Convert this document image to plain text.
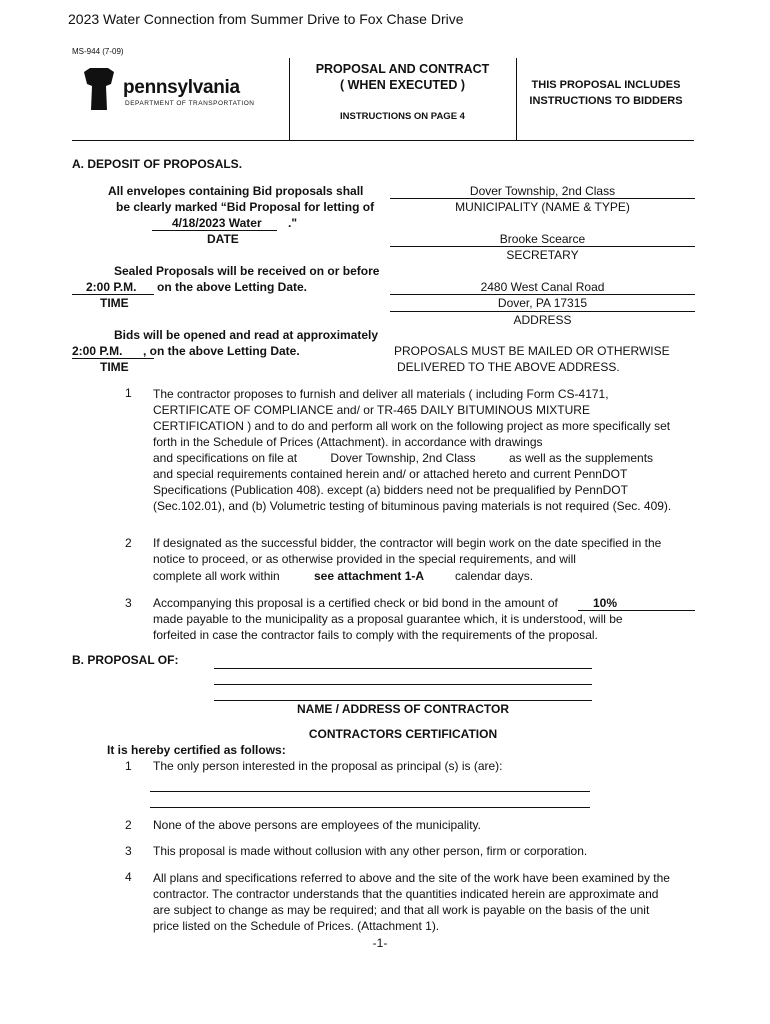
2023 Water Connection from Summer Drive to Fox Chase Drive
MS-944 (7-09)
pennsylvania
DEPARTMENT OF TRANSPORTATION
PROPOSAL AND CONTRACT
( WHEN EXECUTED )
INSTRUCTIONS ON PAGE 4
THIS PROPOSAL INCLUDES
INSTRUCTIONS TO BIDDERS
A. DEPOSIT OF PROPOSALS.
All envelopes containing Bid proposals shall
be clearly marked “Bid Proposal for letting of
4/18/2023 Water ."
DATE
Dover Township, 2nd Class
MUNICIPALITY (NAME & TYPE)
Brooke Scearce
SECRETARY
Sealed Proposals will be received on or before
2:00 P.M. on the above Letting Date.
TIME
2480 West Canal Road
Dover, PA 17315
ADDRESS
Bids will be opened and read at approximately
2:00 P.M. , on the above Letting Date.
TIME
PROPOSALS MUST BE MAILED OR OTHERWISE
DELIVERED TO THE ABOVE ADDRESS.
1 The contractor proposes to furnish and deliver all materials ( including Form CS-4171,

CERTIFICATE OF COMPLIANCE and/ or TR-465 DAILY BITUMINOUS MIXTURE

CERTIFICATION ) and to do and perform all work on the following project as more specifically set

forth in the Schedule of Prices (Attachment). in accordance with drawings

and specifications on file at          Dover Township, 2nd Class          as well as the supplements

and special requirements contained herein and/ or attached hereto and current PennDOT

Specifications (Publication 408). except (a) bidders need not be prequalified by PennDOT

(Sec.102.01), and (b) Volumetric testing of bituminous paving materials is not required (Sec. 409).

2 If designated as the successful bidder, the contractor will begin work on the date specified in the
notice to proceed, or as otherwise provided in the special requirements, and will
complete all work within	see attachment 1-A	calendar days.
3 Accompanying this proposal is a certified check or bid bond in the amount of	10%
made payable to the municipality as a proposal guarantee which, it is understood, will be
forfeited in case the contractor fails to comply with the requirements of the proposal.
B. PROPOSAL OF:
NAME / ADDRESS OF CONTRACTOR
CONTRACTORS CERTIFICATION
It is hereby certified as follows:
1 The only person interested in the proposal as principal (s) is (are):
2 None of the above persons are employees of the municipality.
3 This proposal is made without collusion with any other person, firm or corporation.
4 All plans and specifications referred to above and the site of the work have been examined by the

contractor. The contractor understands that the quantities indicated herein are approximate and

are subject to change as may be required; and that all work is payable on the basis of the unit

price listed on the Schedule of Prices. (Attachment 1).

-1-
